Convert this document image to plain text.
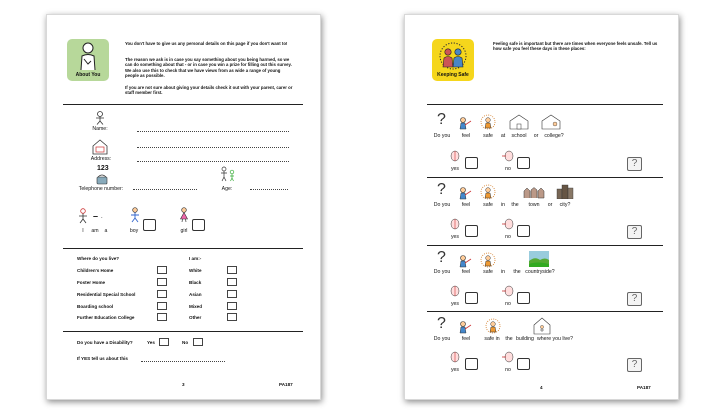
About You
You don't have to give us any personal details on this page if you don't want to!
The reason we ask is in case you say something about you being harmed, so we can do something about that - or in case you win a prize for filling out this survey. We also use this to check that we have views from as wide a range of young people as possible.
If you are not sure about giving your details check it out with your parent, carer or staff member first.
Name:
Address:
123
Telephone number:	Age:
– .
I	am	a	boy	girl
Where do you live?
Children's Home
Foster Home
Residential Special School
Boarding school
Further Education College
I am:-
White
Black
Asian
Mixed
Other
Do you have a Disability?	Yes	No
If YES tell us about this
3	PA187
Keeping Safe
Feeling safe is important but there are times when everyone feels unsafe. Tell us how safe you feel these days in these places:
?
Do you	feel	safe	at	school	or	college?
yes	no	?
?
Do you	feel	safe	in	the	town	or	city?
yes	no	?
?
Do you	feel	safe	in	the countryside?
yes	no	?
?
Do you	feel	safe in	the building where you live?
yes	no	?
4	PA187
